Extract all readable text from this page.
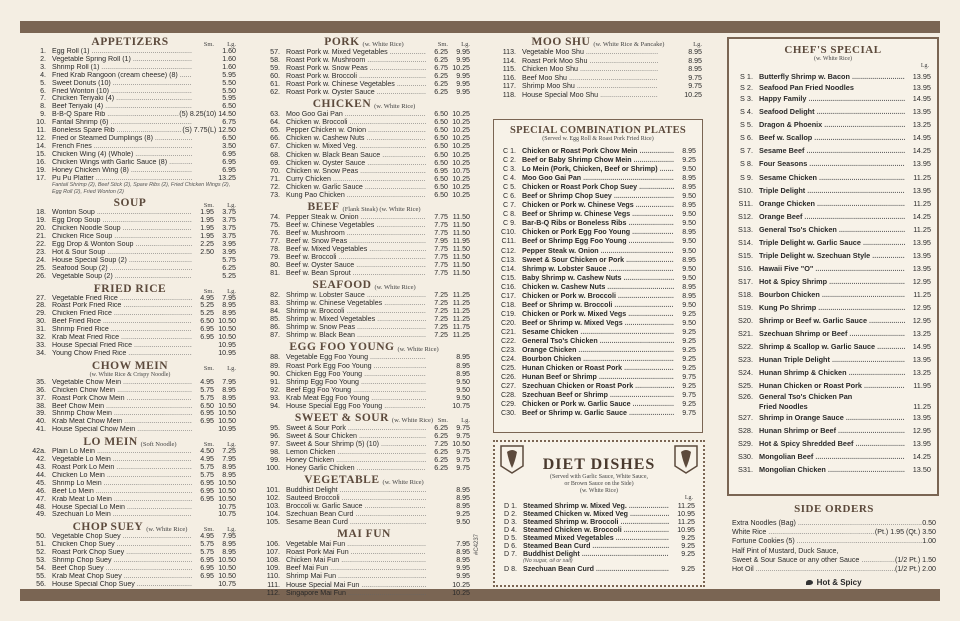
APPETIZERS	Sm. Lg.
1. Egg Roll (1) .....	1.60
2. Vegetable Spring Roll (1) .....	1.60
3. Shrimp Roll (1) .....	1.60
4. Fried Krab Rangoon (cream cheese) (8) .....	5.95
5. Sweet Donuts (10) .....	5.50
6. Fried Wonton (10) .....	5.50
7. Chicken Teriyaki (4) .....	5.95
8. Beef Teriyaki (4) .....	6.50
9. B-B-Q Spare Rib .....	(5) 8.25 (10) 14.50
10. Fantail Shrimp (6) .....	6.75
11. Boneless Spare Rib .....	(S) 7.75 (L) 12.50
12. Fried or Steamed Dumplings (8) .....	6.50
14. French Fries .....	3.50
15. Chicken Wing (4) (Whole) .....	6.95
16. Chicken Wings with Garlic Sauce (8) .....	6.95
19. Honey Chicken Wing (8) .....	6.95
17. Pu Pu Platter .....	13.25
Fantail Shrimp (2), Beef Stick (2), Spare Ribs (2), Fried Chicken Wings (2), Egg Roll (2), Fried Wonton (2)
SOUP	Sm. Lg.
18. Wonton Soup .....	1.95	3.75
19. Egg Drop Soup .....	1.95	3.75
20. Chicken Noodle Soup .....	1.95	3.75
21. Chicken Rice Soup .....	1.95	3.75
22. Egg Drop & Wonton Soup .....	2.25	3.95
23. Hot & Sour Soup .....	2.50	3.95
24. House Special Soup (2) .....	5.75
25. Seafood Soup (2) .....	6.25
26. Vegetable Soup (2) .....	5.25
FRIED RICE	Sm. Lg.
27. Vegetable Fried Rice .....	4.95	7.95
28. Roast Pork Fried Rice .....	5.25	8.95
29. Chicken Fried Rice .....	5.25	8.95
30. Beef Fried Rice .....	6.50 10.50
31. Shrimp Fried Rice .....	6.95 10.50
32. Krab Meat Fried Rice .....	6.95 10.50
33. House Special Fried Rice .....	10.95
34. Young Chow Fried Rice .....	10.95
CHOW MEIN	Sm. Lg.
(w. White Rice & Crispy Noodle)
35. Vegetable Chow Mein .....	4.95	7.95
36. Chicken Chow Mein .....	5.75	8.95
37. Roast Pork Chow Mein .....	5.75	8.95
38. Beef Chow Mein .....	6.50 10.50
39. Shrimp Chow Mein .....	6.95 10.50
40. Krab Meat Chow Mein .....	6.95 10.50
41. House Special Chow Mein .....	10.95
LO MEIN (Soft Noodle)	Sm. Lg.
42a. Plain Lo Mein .....	4.50	7.25
42. Vegetable Lo Mein .....	4.95	7.95
43. Roast Pork Lo Mein .....	5.75	8.95
44. Chicken Lo Mein .....	5.75	8.95
45. Shrimp Lo Mein .....	6.95 10.50
46. Beef Lo Mein .....	6.95 10.50
47. Krab Meat Lo Mein .....	6.95 10.50
48. House Special Lo Mein .....	10.75
49. Szechuan Lo Mein .....	10.75
CHOP SUEY (w. White Rice)	Sm. Lg.
50. Vegetable Chop Suey .....	4.95	7.95
51. Chicken Chop Suey .....	5.75	8.95
52. Roast Pork Chop Suey .....	5.75	8.95
53. Shrimp Chop Suey .....	6.95 10.50
54. Beef Chop Suey .....	6.95 10.50
55. Krab Meat Chop Suey .....	6.95 10.50
56. House Special Chop Suey .....	10.75
PORK (w. White Rice)	Sm. Lg.
57. Roast Pork w. Mixed Vegetables .....	6.25	9.95
58. Roast Pork w. Mushroom .....	6.25	9.95
59. Roast Pork w. Snow Peas .....	6.75 10.25
60. Roast Pork w. Broccoli .....	6.25	9.95
61. Roast Pork w. Chinese Vegetables .....	6.25	9.95
62. Roast Pork w. Oyster Sauce .....	6.25	9.95
CHICKEN (w. White Rice)
63. Moo Goo Gai Pan .....	6.50 10.25
64. Chicken w. Broccoli .....	6.50 10.25
65. Pepper Chicken w. Onion .....	6.50 10.25
66. Chicken w. Cashew Nuts .....	6.50 10.25
67. Chicken w. Mixed Veg. .....	6.50 10.25
68. Chicken w. Black Bean Sauce .....	6.50 10.25
69. Chicken w. Oyster Sauce .....	6.50 10.25
70. Chicken w. Snow Peas .....	6.95 10.75
71. Curry Chicken .....	6.50 10.25
72. Chicken w. Garlic Sauce .....	6.50 10.25
73. Kung Pao Chicken .....	6.50 10.25
BEEF (Flank Steak) (w. White Rice)
74. Pepper Steak w. Onion .....	7.75 11.50
75. Beef w. Chinese Vegetables .....	7.75 11.50
76. Beef w. Mushroom .....	7.75 11.50
77. Beef w. Snow Peas .....	7.95 11.95
78. Beef w. Mixed Vegetables .....	7.75 11.50
79. Beef w. Broccoli .....	7.75 11.50
80. Beef w. Oyster Sauce .....	7.75 11.50
81. Beef w. Bean Sprout .....	7.75 11.50
SEAFOOD (w. White Rice)
82. Shrimp w. Lobster Sauce .....	7.25 11.25
83. Shrimp w. Chinese Vegetables .....	7.25 11.25
84. Shrimp w. Broccoli .....	7.25 11.25
85. Shrimp w. Mixed Vegetables .....	7.25 11.25
86. Shrimp w. Snow Peas .....	7.25 11.75
87. Shrimp w. Black Bean .....	7.25 11.25
EGG FOO YOUNG (w. White Rice)
88. Vegetable Egg Foo Young .....	8.95
89. Roast Pork Egg Foo Young .....	8.95
90. Chicken Egg Foo Young .....	8.95
91. Shrimp Egg Foo Young .....	9.50
92. Beef Egg Foo Young .....	9.50
93. Krab Meat Egg Foo Young .....	9.50
94. House Special Egg Foo Young .....	10.75
SWEET & SOUR (w. White Rice) Sm. Lg.
95. Sweet & Sour Pork .....	6.25	9.75
96. Sweet & Sour Chicken .....	6.25	9.75
97. Sweet & Sour Shrimp (5) (10) .....	7.25 10.50
98. Lemon Chicken .....	6.25	9.75
99. Honey Chicken .....	6.25	9.75
100. Honey Garlic Chicken .....	6.25	9.75
VEGETABLE (w. White Rice)
101. Buddhist Delight .....	8.95
102. Sauteed Broccoli .....	8.95
103. Broccoli w. Garlic Sauce .....	8.95
104. Szechuan Bean Curd .....	9.25
105. Sesame Bean Curd .....	9.50
MAI FUN
106. Vegetable Mai Fun .....	7.95
107. Roast Pork Mai Fun .....	8.95
108. Chicken Mai Fun .....	8.95
109. Beef Mai Fun .....	9.95
110. Shrimp Mai Fun .....	9.95
111. House Special Mai Fun .....	10.25
112. Singapore Mai Fun .....	10.25
MOO SHU (w. White Rice & Pancake)	Lg.
113. Vegetable Moo Shu .....	8.95
114. Roast Pork Moo Shu .....	8.95
115. Chicken Moo Shu .....	8.95
116. Beef Moo Shu .....	9.75
117. Shrimp Moo Shu .....	9.75
118. House Special Moo Shu .....	10.25
SPECIAL COMBINATION PLATES
(Served w. Egg Roll & Roast Pork Fried Rice)
C 1. Chicken or Roast Pork Chow Mein .....	8.95
C 2. Beef or Baby Shrimp Chow Mein .....	9.25
C 3. Lo Mein (Pork, Chicken, Beef or Shrimp) .....	9.50
C 4. Moo Goo Gai Pan .....	8.95
C 5. Chicken or Roast Pork Chop Suey .....	8.95
C 6. Beef or Shrimp Chop Suey .....	9.50
C 7. Chicken or Pork w. Chinese Vegs .....	8.95
C 8. Beef or Shrimp w. Chinese Vegs .....	9.50
C 9. Bar-B-Q Ribs or Boneless Ribs .....	9.50
C10. Chicken or Pork Egg Foo Young .....	8.95
C11. Beef or Shrimp Egg Foo Young .....	9.50
C12. Pepper Steak w. Onion .....	9.50
C13. Sweet & Sour Chicken or Pork .....	8.95
C14. Shrimp w. Lobster Sauce .....	9.50
C15. Baby Shrimp w. Cashew Nuts .....	9.50
C16. Chicken w. Cashew Nuts .....	8.95
C17. Chicken or Pork w. Broccoli .....	8.95
C18. Beef or Shrimp w. Broccoli .....	9.50
C19. Chicken or Pork w. Mixed Vegs .....	9.25
C20. Beef or Shrimp w. Mixed Vegs .....	9.50
C21. Sesame Chicken .....	9.25
C22. General Tso's Chicken .....	9.25
C23. Orange Chicken .....	9.25
C24. Bourbon Chicken .....	9.25
C25. Hunan Chicken or Roast Pork .....	9.25
C26. Hunan Beef or Shrimp .....	9.75
C27. Szechuan Chicken or Roast Pork .....	9.25
C28. Szechuan Beef or Shrimp .....	9.75
C29. Chicken or Pork w. Garlic Sauce .....	9.25
C30. Beef or Shrimp w. Garlic Sauce .....	9.75
DIET DISHES
(Served with Garlic Sauce, White Sauce,
or Brown Sauce on the Side)
(w. White Rice)
Lg.
D 1. Steamed Shrimp w. Mixed Veg. .....	11.25
D 2. Steamed Chicken w. Mixed Veg .....	10.95
D 3. Steamed Shrimp w. Broccoli .....	11.25
D 4. Steamed Chicken w. Broccoli .....	10.95
D 5. Steamed Mixed Vegetables .....	9.25
D 6. Steamed Bean Curd .....	9.25
D 7. Buddhist Delight .....	9.25
(No sugar, oil or salt)
D 8. Szechuan Bean Curd .....	9.25
CHEF'S SPECIAL
(w. White Rice)
Lg.
S 1. Butterfly Shrimp w. Bacon .....	13.95
S 2. Seafood Pan Fried Noodles	13.95
S 3. Happy Family .....	14.95
S 4. Seafood Delight .....	13.95
S 5. Dragon & Phoenix .....	13.25
S 6. Beef w. Scallop .....	14.95
S 7. Sesame Beef .....	14.25
S 8. Four Seasons .....	13.95
S 9. Sesame Chicken .....	11.25
S10. Triple Delight .....	13.95
S11. Orange Chicken .....	11.25
S12. Orange Beef .....	14.25
S13. General Tso's Chicken .....	11.25
S14. Triple Delight w. Garlic Sauce .....	13.95
S15. Triple Delight w. Szechuan Style .....	13.95
S16. Hawaii Five "O" .....	13.95
S17. Hot & Spicy Shrimp .....	12.95
S18. Bourbon Chicken .....	11.25
S19. Kung Po Shrimp .....	12.95
S20. Shrimp or Beef w. Garlic Sauce .....	12.95
S21. Szechuan Shrimp or Beef .....	13.25
S22. Shrimp & Scallop w. Garlic Sauce .....	14.95
S23. Hunan Triple Delight .....	13.95
S24. Hunan Shrimp & Chicken .....	13.25
S25. Hunan Chicken or Roast Pork .....	11.95
S26. General Tso's Chicken Pan Fried Noodles	11.25
S27. Shrimp in Orange Sauce .....	13.95
S28. Hunan Shrimp or Beef .....	12.95
S29. Hot & Spicy Shredded Beef .....	13.95
S30. Mongolian Beef .....	14.25
S31. Mongolian Chicken .....	13.50
SIDE ORDERS
Extra Noodles (Bag) .....	0.50
White Rice .....	(Pt.) 1.95 (Qt.) 3.50
Fortune Cookies (5) .....	1.00
Half Pint of Mustard, Duck Sauce,
Sweet & Sour Sauce or any other Sauce .....	(1/2 Pt.) 1.50
Hot Oil .....	(1/2 Pt.) 2.00
Hot & Spicy
#C4237
